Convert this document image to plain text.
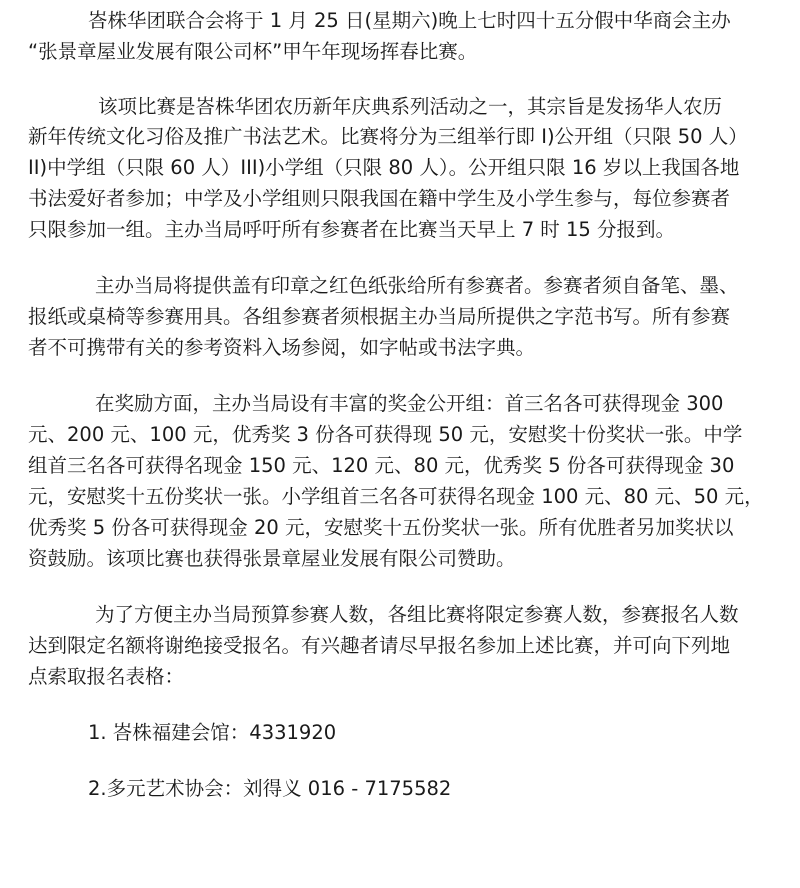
峇株华团联合会将于 1 月 25 日(星期六)晚上七时四十五分假中华商会主办
“张景章屋业发展有限公司杯”甲午年现场挥春比赛。
该项比赛是峇株华团农历新年庆典系列活动之一，其宗旨是发扬华人农历
新年传统文化习俗及推广书法艺术。比赛将分为三组举行即 I)公开组（只限 50 人）
II)中学组（只限 60 人）III)小学组（只限 80 人）。公开组只限 16 岁以上我国各地
书法爱好者参加；中学及小学组则只限我国在籍中学生及小学生参与，每位参赛者
只限参加一组。主办当局呼吁所有参赛者在比赛当天早上 7 时 15 分报到。
主办当局将提供盖有印章之红色纸张给所有参赛者。参赛者须自备笔、墨、
报纸或桌椅等参赛用具。各组参赛者须根据主办当局所提供之字范书写。所有参赛
者不可携带有关的参考资料入场参阅，如字帖或书法字典。
在奖励方面，主办当局设有丰富的奖金公开组：首三名各可获得现金 300
元、200 元、100 元，优秀奖 3 份各可获得现 50 元，安慰奖十份奖状一张。中学
组首三名各可获得名现金 150 元、120 元、80 元，优秀奖 5 份各可获得现金 30
元，安慰奖十五份奖状一张。小学组首三名各可获得名现金 100 元、80 元、50 元，
优秀奖 5 份各可获得现金 20 元，安慰奖十五份奖状一张。所有优胜者另加奖状以
资鼓励。该项比赛也获得张景章屋业发展有限公司赞助。
为了方便主办当局预算参赛人数，各组比赛将限定参赛人数，参赛报名人数
达到限定名额将谢绝接受报名。有兴趣者请尽早报名参加上述比赛，并可向下列地
点索取报名表格：
1. 峇株福建会馆：4331920
2.多元艺术协会：刘得义 016 - 7175582
